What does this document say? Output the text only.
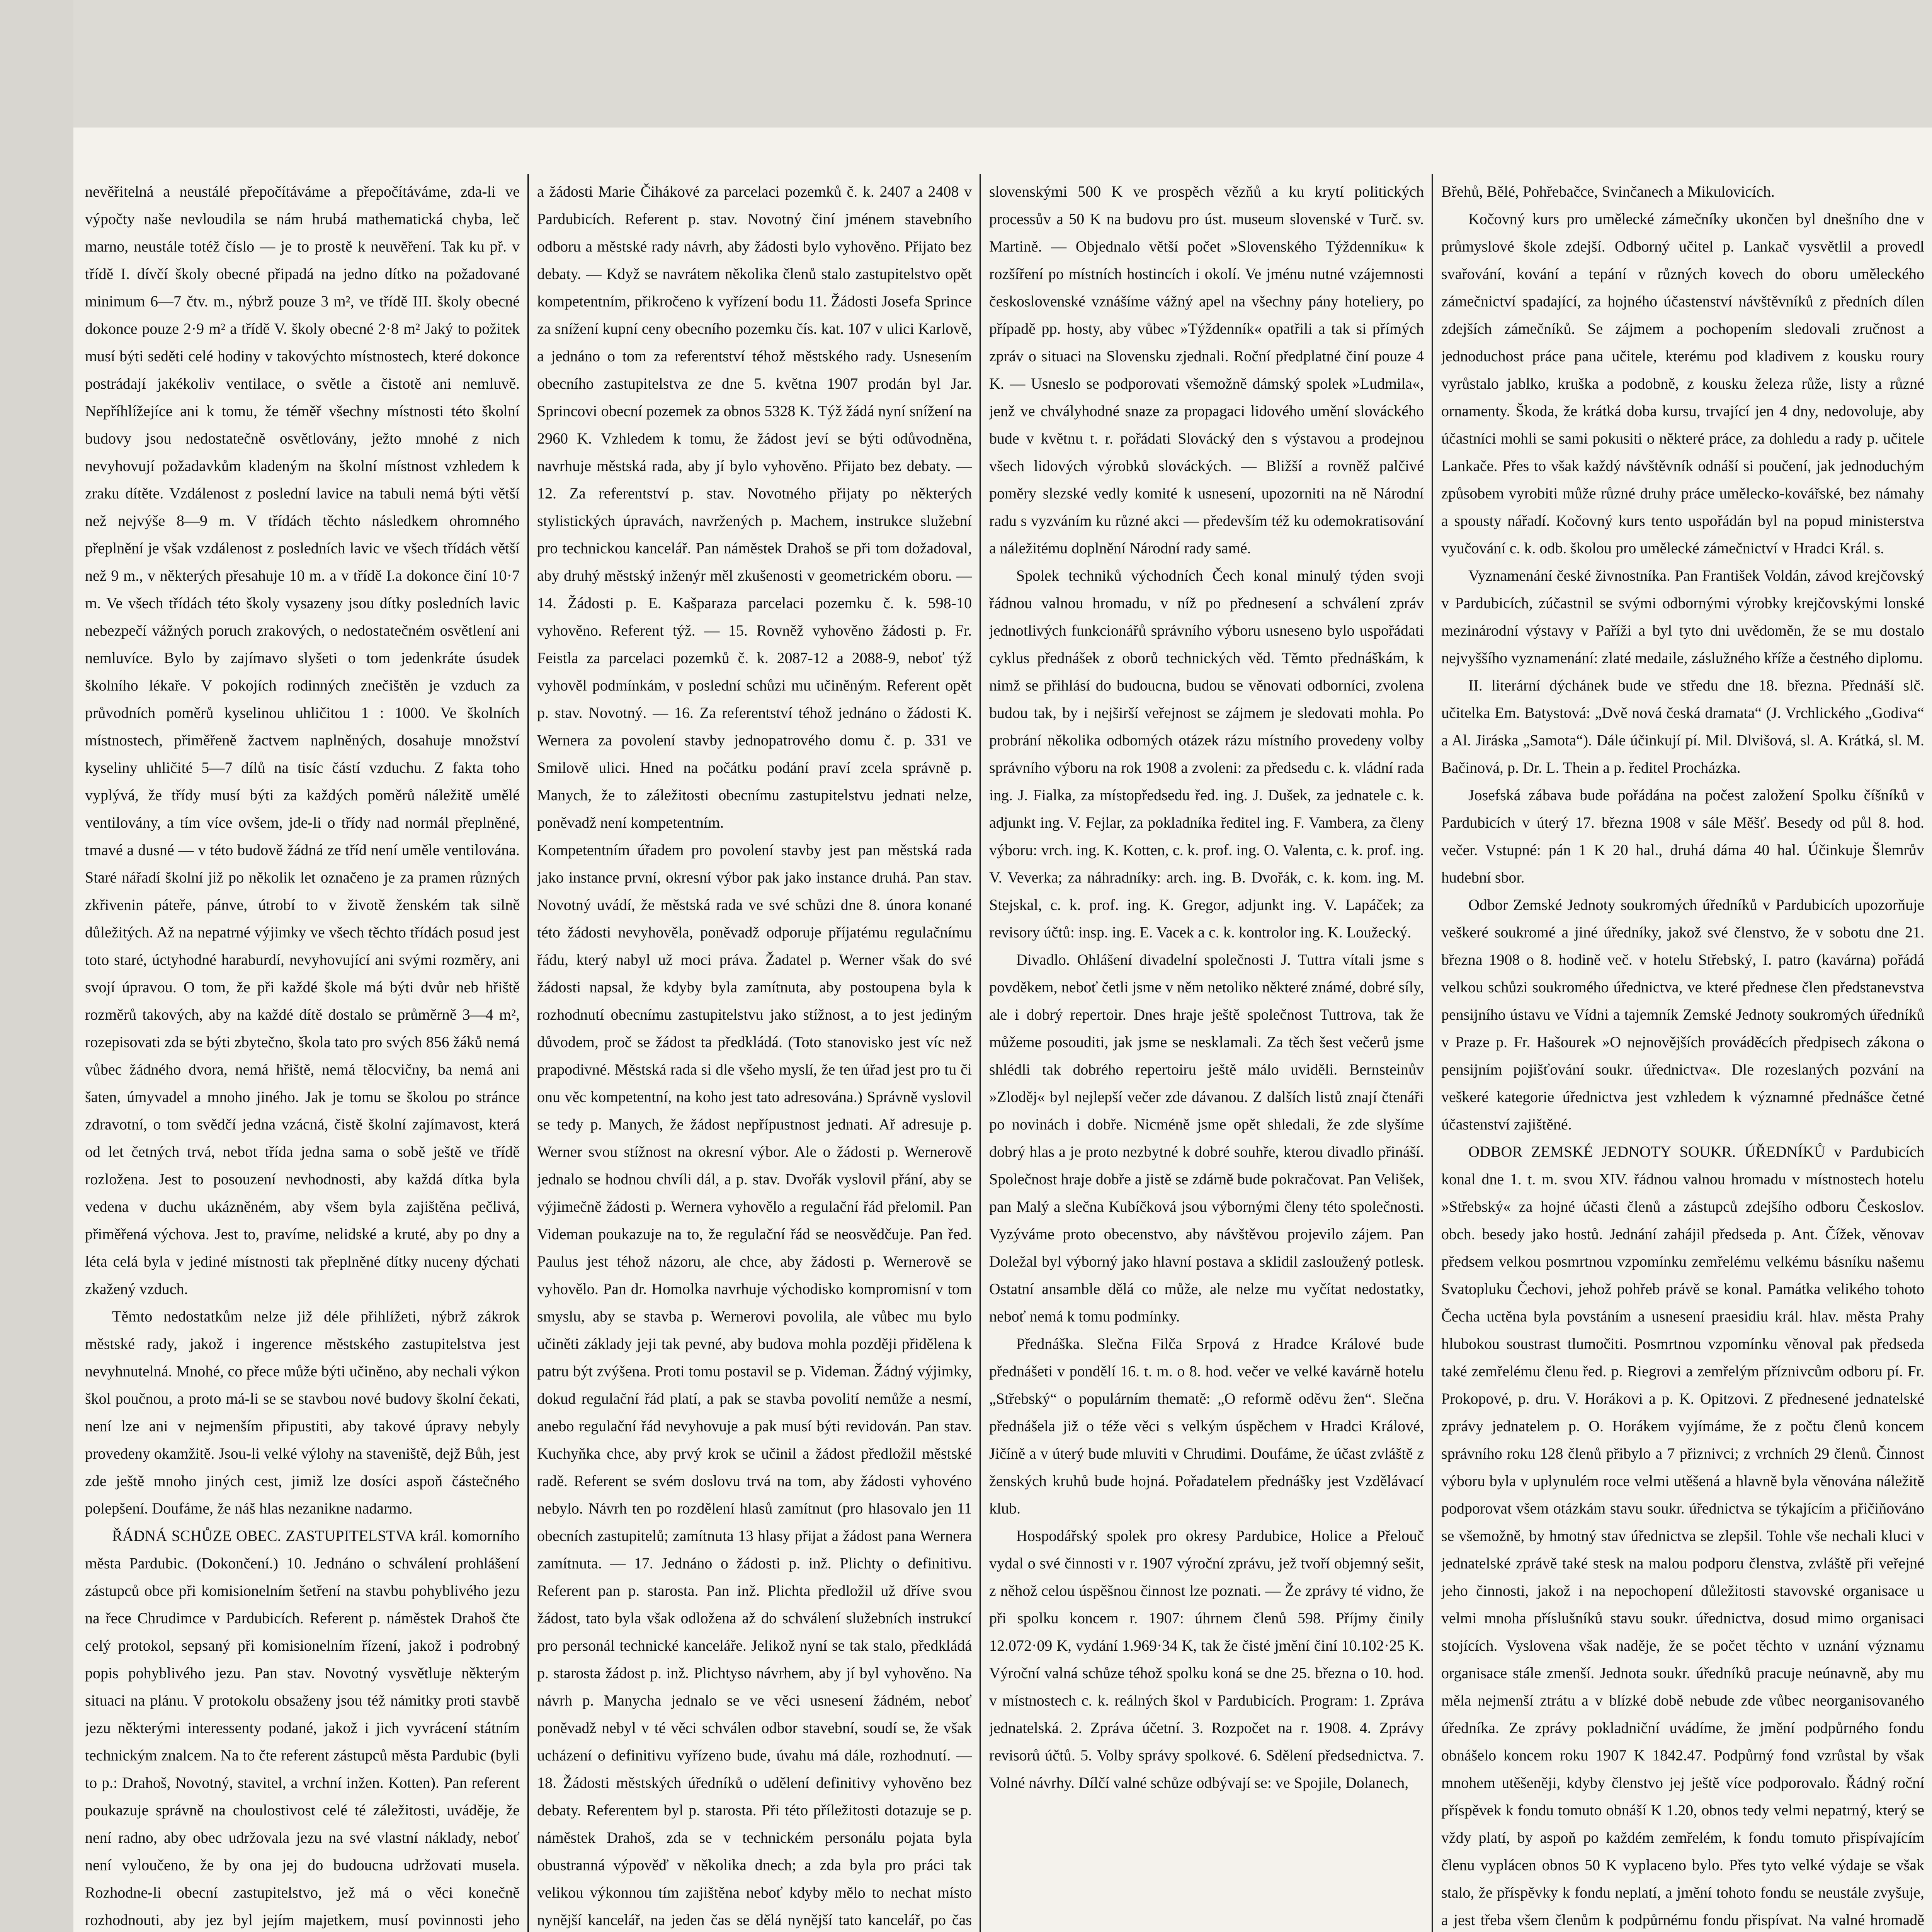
nevěřitelná a neustálé přepočítáváme a přepočítáváme, zda-li ve výpočty naše nevloudila se nám hrubá mathematická chyba, leč marno, neustále totéž číslo — je to prostě k neuvěření. Tak ku př. v třídě I. dívčí školy obecné připadá na jedno dítko na požadované minimum 6—7 čtv. m., nýbrž pouze 3 m², ve třídě III. školy obecné dokonce pouze 2·9 m² a třídě V. školy obecné 2·8 m² Jaký to požitek musí býti seděti celé hodiny v takovýchto místnostech, které dokonce postrádají jakékoliv ventilace, o světle a čistotě ani nemluvě. Nepříhlížejíce ani k tomu, že téměř všechny místnosti této školní budovy jsou nedostatečně osvětlovány, ježto mnohé z nich nevyhovují požadavkům kladeným na školní místnost vzhledem k zraku dítěte. Vzdálenost z poslední lavice na tabuli nemá býti větší než nejvýše 8—9 m. V třídách těchto následkem ohromného přeplnění je však vzdálenost z posledních lavic ve všech třídách větší než 9 m., v některých přesahuje 10 m. a v třídě I.a dokonce činí 10·7 m. Ve všech třídách této školy vysazeny jsou dítky posledních lavic nebezpečí vážných poruch zrakových, o nedostatečném osvětlení ani nemluvíce. Bylo by zajímavo slyšeti o tom jedenkráte úsudek školního lékaře. V pokojích rodinných znečištěn je vzduch za průvodních poměrů kyselinou uhličitou 1 : 1000. Ve školních místnostech, přiměřeně žactvem naplněných, dosahuje množství kyseliny uhličité 5—7 dílů na tisíc částí vzduchu. Z fakta toho vyplývá, že třídy musí býti za každých poměrů náležitě umělé ventilovány, a tím více ovšem, jde-li o třídy nad normál přeplněné, tmavé a dusné — v této budově žádná ze tříd není uměle ventilována. Staré nářadí školní již po několik let označeno je za pramen různých zkřivenin páteře, pánve, útrobí to v životě ženském tak silně důležitých. Až na nepatrné výjimky ve všech těchto třídách posud jest toto staré, úctyhodné haraburdí, nevyhovující ani svými rozměry, ani svojí úpravou. O tom, že při každé škole má býti dvůr neb hřiště rozměrů takových, aby na každé dítě dostalo se průměrně 3—4 m², rozepisovati zda se býti zbytečno, škola tato pro svých 856 žáků nemá vůbec žádného dvora, nemá hřiště, nemá tělocvičny, ba nemá ani šaten, úmyvadel a mnoho jiného. Jak je tomu se školou po stránce zdravotní, o tom svědčí jedna vzácná, čistě školní zajímavost, která od let četných trvá, nebot třída jedna sama o sobě ještě ve třídě rozložena. Jest to posouzení nevhodnosti, aby každá dítka byla vedena v duchu ukázněném, aby všem byla zajištěna pečlivá, přiměřená výchova. Jest to, pravíme, nelidské a kruté, aby po dny a léta celá byla v jediné místnosti tak přeplněné dítky nuceny dýchati zkažený vzduch.

Těmto nedostatkům nelze již déle přihlížeti, nýbrž zákrok městské rady, jakož i ingerence městského zastupitelstva jest nevyhnutelná. Mnohé, co přece může býti učiněno, aby nechali výkon škol poučnou, a proto má-li se se stavbou nové budovy školní čekati, není lze ani v nejmenším připustiti, aby takové úpravy nebyly provedeny okamžitě. Jsou-li velké výlohy na staveniště, dejž Bůh, jest zde ještě mnoho jiných cest, jimiž lze dosíci aspoň částečného polepšení. Doufáme, že náš hlas nezanikne nadarmo.

ŘÁDNÁ SCHŮZE OBEC. ZASTUPITELSTVA král. komorního města Pardubic. (Dokončení.) 10. Jednáno o schválení prohlášení zástupců obce při komisionelním šetření na stavbu pohyblivého jezu na řece Chrudimce v Pardubicích. Referent p. náměstek Drahoš čte celý protokol, sepsaný při komisionelním řízení, jakož i podrobný popis pohyblivého jezu. Pan stav. Novotný vysvětluje některým situaci na plánu. V protokolu obsaženy jsou též námitky proti stavbě jezu některými interessenty podané, jakož i jich vyvrácení státním technickým znalcem. Na to čte referent zástupců města Pardubic (byli to p.: Drahoš, Novotný, stavitel, a vrchní inžen. Kotten). Pan referent poukazuje správně na choulostivost celé té záležitosti, uváděje, že není radno, aby obec udržovala jezu na své vlastní náklady, neboť není vyloučeno, že by ona jej do budoucna udržovati musela. Rozhodne-li obecní zastupitelstvo, jež má o věci konečně rozhodnouti, aby jez byl jejím majetkem, musí povinnosti jeho

a žádosti Marie Čihákové za parcelaci pozemků č. k. 2407 a 2408 v Pardubicích. Referent p. stav. Novotný činí jménem stavebního odboru a městské rady návrh, aby žádosti bylo vyhověno. Přijato bez debaty. — Když se navrátem několika členů stalo zastupitelstvo opět kompetentním, přikročeno k vyřízení bodu 11. Žádosti Josefa Sprince za snížení kupní ceny obecního pozemku čís. kat. 107 v ulici Karlově, a jednáno o tom za referentství téhož městského rady. Usnesením obecního zastupitelstva ze dne 5. května 1907 prodán byl Jar. Sprincovi obecní pozemek za obnos 5328 K. Týž žádá nyní snížení na 2960 K. Vzhledem k tomu, že žádost jeví se býti odůvodněna, navrhuje městská rada, aby jí bylo vyhověno. Přijato bez debaty. — 12. Za referentství p. stav. Novotného přijaty po některých stylistických úpravách, navržených p. Machem, instrukce služební pro technickou kancelář. Pan náměstek Drahoš se při tom dožadoval, aby druhý městský inženýr měl zkušenosti v geometrickém oboru. — 14. Žádosti p. E. Kašparaza parcelaci pozemku č. k. 598-10 vyhověno. Referent týž. — 15. Rovněž vyhověno žádosti p. Fr. Feistla za parcelaci pozemků č. k. 2087-12 a 2088-9, neboť týž vyhověl podmínkám, v poslední schůzi mu učiněným. Referent opět p. stav. Novotný. — 16. Za referentství téhož jednáno o žádosti K. Wernera za povolení stavby jednopatrového domu č. p. 331 ve Smilově ulici. Hned na počátku podání praví zcela správně p. Manych, že to záležitosti obecnímu zastupitelstvu jednati nelze, poněvadž není kompetentním.

Kompetentním úřadem pro povolení stavby jest pan městská rada jako instance první, okresní výbor pak jako instance druhá. Pan stav. Novotný uvádí, že městská rada ve své schůzi dne 8. února konané této žádosti nevyhověla, poněvadž odporuje příjatému regulačnímu řádu, který nabyl už moci práva. Žadatel p. Werner však do své žádosti napsal, že kdyby byla zamítnuta, aby postoupena byla k rozhodnutí obecnímu zastupitelstvu jako stížnost, a to jest jediným důvodem, proč se žádost ta předkládá. (Toto stanovisko jest víc než prapodivné. Městská rada si dle všeho myslí, že ten úřad jest pro tu či onu věc kompetentní, na koho jest tato adresována.) Správně vyslovil se tedy p. Manych, že žádost nepřípustnost jednati. Ař adresuje p. Werner svou stížnost na okresní výbor. Ale o žádosti p. Wernerově jednalo se hodnou chvíli dál, a p. stav. Dvořák vyslovil přání, aby se výjimečně žádosti p. Wernera vyhovělo a regulační řád přelomil. Pan Videman poukazuje na to, že regulační řád se neosvědčuje. Pan řed. Paulus jest téhož názoru, ale chce, aby žádosti p. Wernerově se vyhovělo. Pan dr. Homolka navrhuje východisko kompromisní v tom smyslu, aby se stavba p. Wernerovi povolila, ale vůbec mu bylo učiněti základy jeji tak pevné, aby budova mohla později přidělena k patru být zvýšena. Proti tomu postavil se p. Videman. Žádný výjimky, dokud regulační řád platí, a pak se stavba povolití nemůže a nesmí, anebo regulační řád nevyhovuje a pak musí býti revidován. Pan stav. Kuchyňka chce, aby prvý krok se učinil a žádost předložil městské radě. Referent se svém doslovu trvá na tom, aby žádosti vyhovéno nebylo. Návrh ten po rozdělení hlasů zamítnut (pro hlasovalo jen 11 obecních zastupitelů; zamítnuta 13 hlasy přijat a žádost pana Wernera zamítnuta. — 17. Jednáno o žádosti p. inž. Plichty o definitivu. Referent pan p. starosta. Pan inž. Plichta předložil už dříve svou žádost, tato byla však odložena až do schválení služebních instrukcí pro personál technické kanceláře. Jelikož nyní se tak stalo, předkládá p. starosta žádost p. inž. Plichtyso návrhem, aby jí byl vyhověno. Na návrh p. Manycha jednalo se ve věci usnesení žádném, neboť poněvadž nebyl v té věci schválen odbor stavební, soudí se, že však ucházení o definitivu vyřízeno bude, úvahu má dále, rozhodnutí. — 18. Žádosti městských úředníků o udělení definitivy vyhověno bez debaty. Referentem byl p. starosta. Při této příležitosti dotazuje se p. náměstek Drahoš, zda se v technickém personálu pojata byla obustranná výpověď v několika dnech; a zda byla pro práci tak velikou výkonnou tím zajištěna neboť kdyby mělo to nechat místo nynější kancelář, na jeden čas se dělá nynější tato kancelář, po čas

slovenskými 500 K ve prospěch vězňů a ku krytí politických processův a 50 K na budovu pro úst. museum slovenské v Turč. sv. Martině. — Objednalo větší počet »Slovenského Týždenníku« k rozšíření po místních hostincích i okolí. Ve jménu nutné vzájemnosti československé vznášíme vážný apel na všechny pány hoteliery, po případě pp. hosty, aby vůbec »Týždenník« opatřili a tak si přímých zpráv o situaci na Slovensku zjednali. Roční předplatné činí pouze 4 K. — Usneslo se podporovati všemožně dámský spolek »Ludmila«, jenž ve chvályhodné snaze za propagaci lidového umění slováckého bude v květnu t. r. pořádati Slovácký den s výstavou a prodejnou všech lidových výrobků slováckých. — Bližší a rovněž palčivé poměry slezské vedly komité k usnesení, upozorniti na ně Národní radu s vyzváním ku různé akci — především též ku odemokratisování a náležitému doplnění Národní rady samé.

Spolek techniků východních Čech konal minulý týden svoji řádnou valnou hromadu, v níž po přednesení a schválení zpráv jednotlivých funkcionářů správního výboru usneseno bylo uspořádati cyklus přednášek z oborů technických věd. Těmto přednáškám, k nimž se přihlásí do budoucna, budou se věnovati odborníci, zvolena budou tak, by i nejširší veřejnost se zájmem je sledovati mohla. Po probrání několika odborných otázek rázu místního provedeny volby správního výboru na rok 1908 a zvoleni: za předsedu c. k. vládní rada ing. J. Fialka, za místopředsedu řed. ing. J. Dušek, za jednatele c. k. adjunkt ing. V. Fejlar, za pokladníka ředitel ing. F. Vambera, za členy výboru: vrch. ing. K. Kotten, c. k. prof. ing. O. Valenta, c. k. prof. ing. V. Veverka; za náhradníky: arch. ing. B. Dvořák, c. k. kom. ing. M. Stejskal, c. k. prof. ing. K. Gregor, adjunkt ing. V. Lapáček; za revisory účtů: insp. ing. E. Vacek a c. k. kontrolor ing. K. Loužecký.

Divadlo. Ohlášení divadelní společnosti J. Tuttra vítali jsme s povděkem, neboť četli jsme v něm netoliko některé známé, dobré síly, ale i dobrý repertoir. Dnes hraje ještě společnost Tuttrova, tak že můžeme posouditi, jak jsme se nesklamali. Za těch šest večerů jsme shlédli tak dobrého repertoiru ještě málo uviděli. Bernsteinův »Zloděj« byl nejlepší večer zde dávanou. Z dalších listů znají čtenáři po novinách i dobře. Nicméně jsme opět shledali, že zde slyšíme dobrý hlas a je proto nezbytné k dobré souhře, kterou divadlo přináší. Společnost hraje dobře a jistě se zdárně bude pokračovat. Pan Velišek, pan Malý a slečna Kubíčková jsou výbornými členy této společnosti. Vyzýváme proto obecenstvo, aby návštěvou projevilo zájem. Pan Doležal byl výborný jako hlavní postava a sklidil zasloužený potlesk. Ostatní ansamble dělá co může, ale nelze mu vyčítat nedostatky, neboť nemá k tomu podmínky.

Přednáška. Slečna Filča Srpová z Hradce Králové bude přednášeti v pondělí 16. t. m. o 8. hod. večer ve velké kavárně hotelu „Střebský“ o populárním thematě: „O reformě oděvu žen“. Slečna přednášela již o téže věci s velkým úspěchem v Hradci Králové, Jičíně a v úterý bude mluviti v Chrudimi. Doufáme, že účast zvláště z ženských kruhů bude hojná. Pořadatelem přednášky jest Vzdělávací klub.

Hospodářský spolek pro okresy Pardubice, Holice a Přelouč vydal o své činnosti v r. 1907 výroční zprávu, jež tvoří objemný sešit, z něhož celou úspěšnou činnost lze poznati. — Že zprávy té vidno, že při spolku koncem r. 1907: úhrnem členů 598. Příjmy činily 12.072·09 K, vydání 1.969·34 K, tak že čisté jmění činí 10.102·25 K. Výroční valná schůze téhož spolku koná se dne 25. března o 10. hod. v místnostech c. k. reálných škol v Pardubicích. Program: 1. Zpráva jednatelská. 2. Zpráva účetní. 3. Rozpočet na r. 1908. 4. Zprávy revisorů účtů. 5. Volby správy spolkové. 6. Sdělení předsednictva. 7. Volné návrhy. Dílčí valné schůze odbývají se: ve Spojile, Dolanech,

Břehů, Bělé, Pohřebačce, Svinčanech a Mikulovicích.

Kočovný kurs pro umělecké zámečníky ukončen byl dnešního dne v průmyslové škole zdejší. Odborný učitel p. Lankač vysvětlil a provedl svařování, kování a tepání v různých kovech do oboru uměleckého zámečnictví spadající, za hojného účastenství návštěvníků z předních dílen zdejších zámečníků. Se zájmem a pochopením sledovali zručnost a jednoduchost práce pana učitele, kterému pod kladivem z kousku roury vyrůstalo jablko, kruška a podobně, z kousku železa růže, listy a různé ornamenty. Škoda, že krátká doba kursu, trvající jen 4 dny, nedovoluje, aby účastníci mohli se sami pokusiti o některé práce, za dohledu a rady p. učitele Lankače. Přes to však každý návštěvník odnáší si poučení, jak jednoduchým způsobem vyrobiti může různé druhy práce umělecko-kovářské, bez námahy a spousty nářadí. Kočovný kurs tento uspořádán byl na popud ministerstva vyučování c. k. odb. školou pro umělecké zámečnictví v Hradci Král. s.

Vyznamenání české živnostníka. Pan František Voldán, závod krejčovský v Pardubicích, zúčastnil se svými odbornými výrobky krejčovskými lonské mezinárodní výstavy v Paříži a byl tyto dni uvědoměn, že se mu dostalo nejvyššího vyznamenání: zlaté medaile, záslužného kříže a čestného diplomu.

II. literární dýchánek bude ve středu dne 18. března. Přednáší slč. učitelka Em. Batystová: „Dvě nová česká dramata“ (J. Vrchlického „Godiva“ a Al. Jiráska „Samota“). Dále účinkují pí. Mil. Dlvišová, sl. A. Krátká, sl. M. Bačinová, p. Dr. L. Thein a p. ředitel Procházka.

Josefská zábava bude pořádána na počest založení Spolku číšníků v Pardubicích v úterý 17. března 1908 v sále Měšť. Besedy od půl 8. hod. večer. Vstupné: pán 1 K 20 hal., druhá dáma 40 hal. Účinkuje Šlemrův hudební sbor.

Odbor Zemské Jednoty soukromých úředníků v Pardubicích upozorňuje veškeré soukromé a jiné úředníky, jakož své členstvo, že v sobotu dne 21. března 1908 o 8. hodině več. v hotelu Střebský, I. patro (kavárna) pořádá velkou schůzi soukromého úřednictva, ve které přednese člen předstanevstva pensijního ústavu ve Vídni a tajemník Zemské Jednoty soukromých úředníků v Praze p. Fr. Hašourek »O nejnovějších prováděcích předpisech zákona o pensijním pojišťování soukr. úřednictva«. Dle rozeslaných pozvání na veškeré kategorie úřednictva jest vzhledem k významné přednášce četné účastenství zajištěné.

ODBOR ZEMSKÉ JEDNOTY SOUKR. ÚŘEDNÍKŮ v Pardubicích konal dne 1. t. m. svou XIV. řádnou valnou hromadu v místnostech hotelu »Střebský« za hojné účasti členů a zástupců zdejšího odboru Českoslov. obch. besedy jako hostů. Jednání zahájil předseda p. Ant. Čížek, věnovav předsem velkou posmrtnou vzpomínku zemřelému velkému básníku našemu Svatopluku Čechovi, jehož pohřeb právě se konal. Památka velikého tohoto Čecha uctěna byla povstáním a usnesení praesidiu král. hlav. města Prahy hlubokou soustrast tlumočiti. Posmrtnou vzpomínku věnoval pak předseda také zemřelému členu řed. p. Riegrovi a zemřelým příznivcům odboru pí. Fr. Prokopové, p. dru. V. Horákovi a p. K. Opitzovi. Z přednesené jednatelské zprávy jednatelem p. O. Horákem vyjímáme, že z počtu členů koncem správního roku 128 členů přibylo a 7 přiznivci; z vrchních 29 členů. Činnost výboru byla v uplynulém roce velmi utěšená a hlavně byla věnována náležitě podporovat všem otázkám stavu soukr. úřednictva se týkajícím a přičiňováno se všemožně, by hmotný stav úřednictva se zlepšil. Tohle vše nechali kluci v jednatelské zprávě také stesk na malou podporu členstva, zvláště při veřejné jeho činnosti, jakož i na nepochopení důležitosti stavovské organisace u velmi mnoha příslušníků stavu soukr. úřednictva, dosud mimo organisaci stojících. Vyslovena však naděje, že se počet těchto v uznání významu organisace stále zmenší. Jednota soukr. úředníků pracuje neúnavně, aby mu měla nejmenší ztrátu a v blízké době nebude zde vůbec neorganisovaného úředníka. Ze zprávy pokladniční uvádíme, že jmění podpůrného fondu obnášelo koncem roku 1907 K 1842.47. Podpůrný fond vzrůstal by však mnohem utěšeněji, kdyby členstvo jej ještě více podporovalo. Řádný roční příspěvek k fondu tomuto obnáší K 1.20, obnos tedy velmi nepatrný, který se vždy platí, by aspoň po každém zemřelém, k fondu tomuto přispívajícím členu vyplácen obnos 50 K vyplaceno bylo. Přes tyto velké výdaje se však stalo, že příspěvky k fondu neplatí, a jmění tohoto fondu se neustále zvyšuje, a jest třeba všem členům k podpůrnému fondu přispívat. Na valné hromadě
